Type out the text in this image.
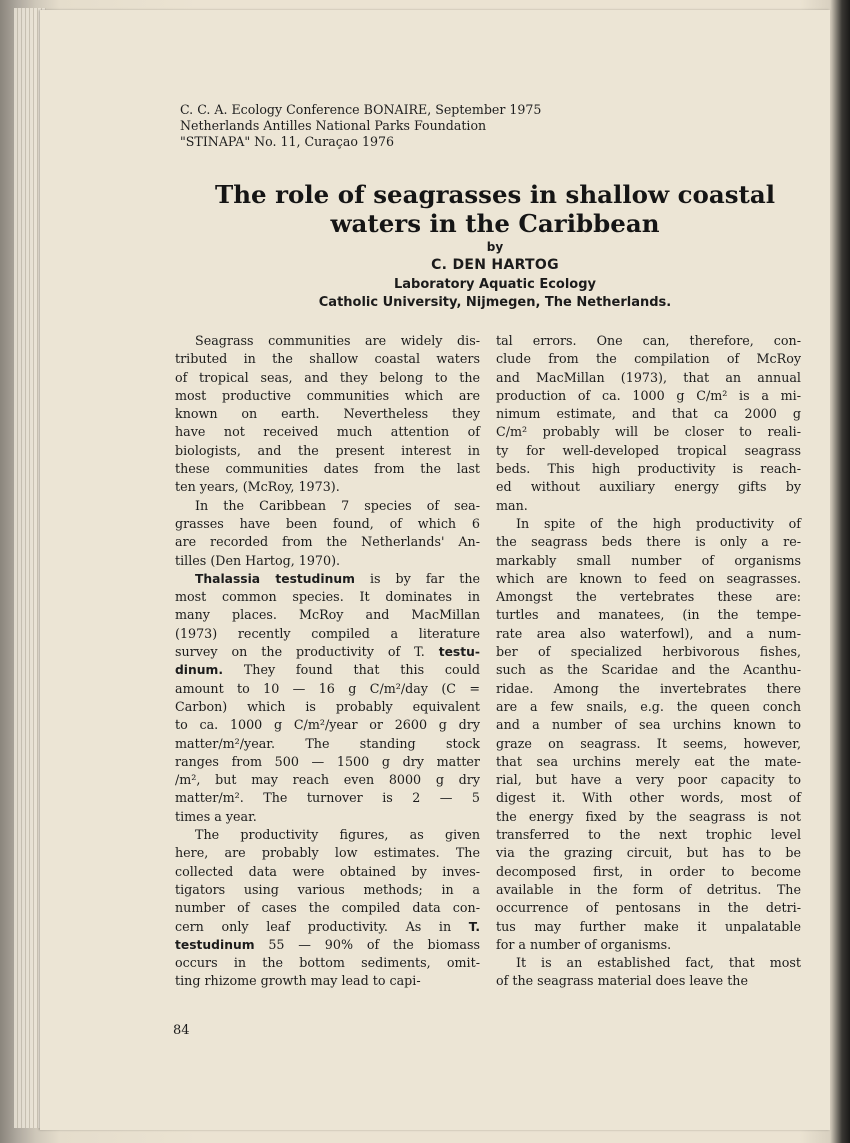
C. C. A. Ecology Conference BONAIRE, September 1975
Netherlands Antilles National Parks Foundation
"STINAPA" No. 11, Curaçao 1976
The role of seagrasses in shallow coastal
waters in the Caribbean
by
C. DEN HARTOG
Laboratory Aquatic Ecology
Catholic University, Nijmegen, The Netherlands.
Seagrass communities are widely dis-
tributed in the shallow coastal waters
of tropical seas, and they belong to the
most productive communities which are
known on earth. Nevertheless they
have not received much attention of
biologists, and the present interest in
these communities dates from the last
ten years, (McRoy, 1973).
In the Caribbean 7 species of sea-
grasses have been found, of which 6
are recorded from the Netherlands' An-
tilles (Den Hartog, 1970).
Thalassia testudinum is by far the
most common species. It dominates in
many places. McRoy and MacMillan
(1973) recently compiled a literature
survey on the productivity of T. testu-
dinum. They found that this could
amount to 10 — 16 g C/m²/day (C =
Carbon) which is probably equivalent
to ca. 1000 g C/m²/year or 2600 g dry
matter/m²/year. The standing stock
ranges from 500 — 1500 g dry matter
/m², but may reach even 8000 g dry
matter/m². The turnover is 2 — 5
times a year.
The productivity figures, as given
here, are probably low estimates. The
collected data were obtained by inves-
tigators using various methods; in a
number of cases the compiled data con-
cern only leaf productivity. As in T.
testudinum 55 — 90% of the biomass
occurs in the bottom sediments, omit-
ting rhizome growth may lead to capi-
tal errors. One can, therefore, con-
clude from the compilation of McRoy
and MacMillan (1973), that an annual
production of ca. 1000 g C/m² is a mi-
nimum estimate, and that ca 2000 g
C/m² probably will be closer to reali-
ty for well-developed tropical seagrass
beds. This high productivity is reach-
ed without auxiliary energy gifts by
man.
In spite of the high productivity of
the seagrass beds there is only a re-
markably small number of organisms
which are known to feed on seagrasses.
Amongst the vertebrates these are:
turtles and manatees, (in the tempe-
rate area also waterfowl), and a num-
ber of specialized herbivorous fishes,
such as the Scaridae and the Acanthu-
ridae. Among the invertebrates there
are a few snails, e.g. the queen conch
and a number of sea urchins known to
graze on seagrass. It seems, however,
that sea urchins merely eat the mate-
rial, but have a very poor capacity to
digest it. With other words, most of
the energy fixed by the seagrass is not
transferred to the next trophic level
via the grazing circuit, but has to be
decomposed first, in order to become
available in the form of detritus. The
occurrence of pentosans in the detri-
tus may further make it unpalatable
for a number of organisms.
It is an established fact, that most
of the seagrass material does leave the
84
